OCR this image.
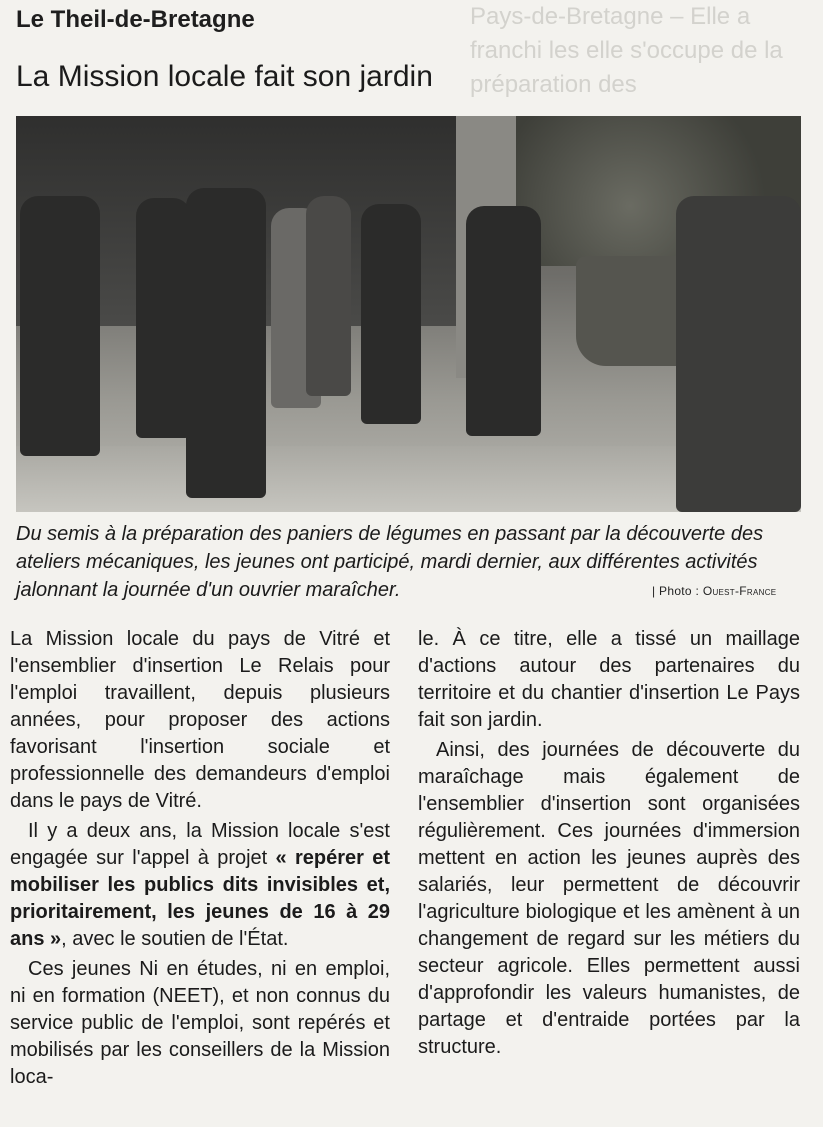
Pays-de-Bretagne – Elle a franchi les elle s'occupe de la préparation des
Le Theil-de-Bretagne
La Mission locale fait son jardin

Du semis à la préparation des paniers de légumes en passant par la découverte des ateliers mécaniques, les jeunes ont participé, mardi dernier, aux différentes activités jalonnant la journée d'un ouvrier maraîcher.	| Photo : Ouest-France

La Mission locale du pays de Vitré et l'ensemblier d'insertion Le Relais pour l'emploi travaillent, depuis plusieurs années, pour proposer des actions favorisant l'insertion sociale et professionnelle des demandeurs d'emploi dans le pays de Vitré.

Il y a deux ans, la Mission locale s'est engagée sur l'appel à projet « repérer et mobiliser les publics dits invisibles et, prioritairement, les jeunes de 16 à 29 ans », avec le soutien de l'État.

Ces jeunes Ni en études, ni en emploi, ni en formation (NEET), et non connus du service public de l'emploi, sont repérés et mobilisés par les conseillers de la Mission loca-

le. À ce titre, elle a tissé un maillage d'actions autour des partenaires du territoire et du chantier d'insertion Le Pays fait son jardin.

Ainsi, des journées de découverte du maraîchage mais également de l'ensemblier d'insertion sont organisées régulièrement. Ces journées d'immersion mettent en action les jeunes auprès des salariés, leur permettent de découvrir l'agriculture biologique et les amènent à un changement de regard sur les métiers du secteur agricole. Elles permettent aussi d'approfondir les valeurs humanistes, de partage et d'entraide portées par la structure.
